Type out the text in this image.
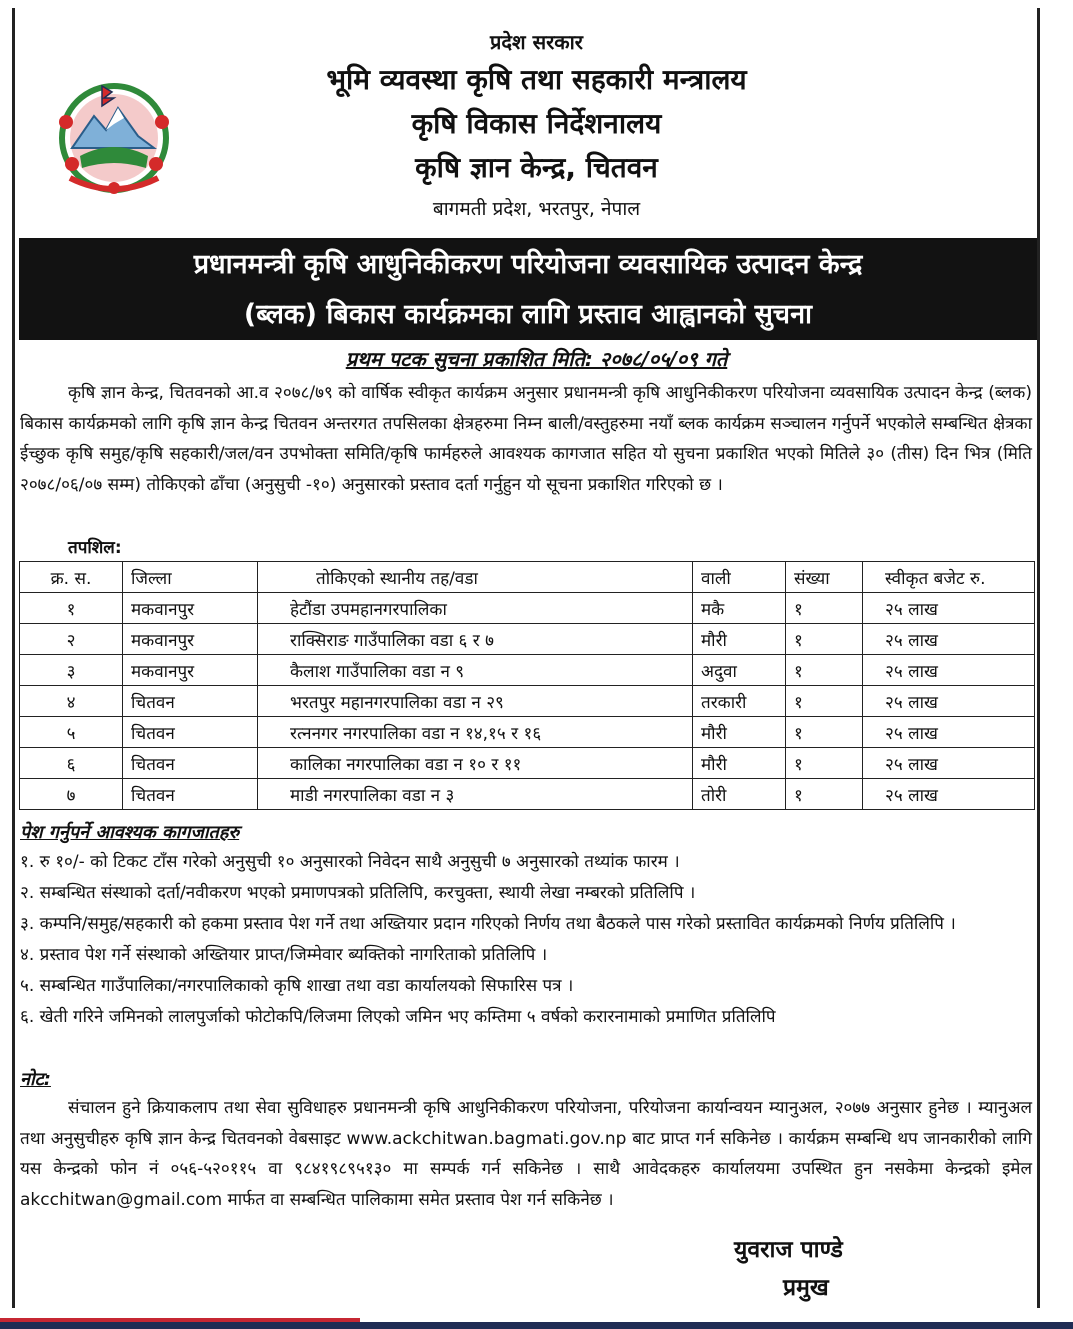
प्रदेश सरकार
भूमि व्यवस्था कृषि तथा सहकारी मन्त्रालय
कृषि विकास निर्देशनालय
कृषि ज्ञान केन्द्र, चितवन
बागमती प्रदेश, भरतपुर, नेपाल
प्रधानमन्त्री कृषि आधुनिकीकरण परियोजना व्यवसायिक उत्पादन केन्द्र
(ब्लक) बिकास कार्यक्रमका लागि प्रस्ताव आह्वानको सुचना
प्रथम पटक सुचना प्रकाशित मिति: २०७८/०५/०९ गते
कृषि ज्ञान केन्द्र, चितवनको आ.व २०७८/७९ को वार्षिक स्वीकृत कार्यक्रम अनुसार प्रधानमन्त्री कृषि आधुनिकीकरण परियोजना व्यवसायिक उत्पादन केन्द्र (ब्लक) बिकास कार्यक्रमको लागि कृषि ज्ञान केन्द्र चितवन अन्तरगत तपसिलका क्षेत्रहरुमा निम्न बाली/वस्तुहरुमा नयाँ ब्लक कार्यक्रम सञ्चालन गर्नुपर्ने भएकोले सम्बन्धित क्षेत्रका ईच्छुक कृषि समुह/कृषि सहकारी/जल/वन उपभोक्ता समिति/कृषि फार्महरुले आवश्यक कागजात सहित यो सुचना प्रकाशित भएको मितिले ३० (तीस) दिन भित्र (मिति २०७८/०६/०७ सम्म) तोकिएको ढाँचा (अनुसुची -१०) अनुसारको प्रस्ताव दर्ता गर्नुहुन यो सूचना प्रकाशित गरिएको छ ।
तपशिल:
क्र. स.	जिल्ला	तोकिएको स्थानीय तह/वडा	वाली	संख्या	स्वीकृत बजेट रु.
१	मकवानपुर	हेटौंडा उपमहानगरपालिका	मकै	१	२५ लाख
२	मकवानपुर	राक्सिराङ गाउँपालिका वडा ६ र ७	मौरी	१	२५ लाख
३	मकवानपुर	कैलाश गाउँपालिका वडा न ९	अदुवा	१	२५ लाख
४	चितवन	भरतपुर महानगरपालिका वडा न २९	तरकारी	१	२५ लाख
५	चितवन	रत्ननगर नगरपालिका वडा न १४,१५ र १६	मौरी	१	२५ लाख
६	चितवन	कालिका नगरपालिका वडा न १० र ११	मौरी	१	२५ लाख
७	चितवन	माडी नगरपालिका वडा न ३	तोरी	१	२५ लाख
पेश गर्नुपर्ने आवश्यक कागजातहरु
१. रु १०/- को टिकट टाँस गरेको अनुसुची १० अनुसारको निवेदन साथै अनुसुची ७ अनुसारको तथ्यांक फारम ।
२. सम्बन्धित संस्थाको दर्ता/नवीकरण भएको प्रमाणपत्रको प्रतिलिपि, करचुक्ता, स्थायी लेखा नम्बरको प्रतिलिपि ।
३. कम्पनि/समुह/सहकारी को हकमा प्रस्ताव पेश गर्ने तथा अख्तियार प्रदान गरिएको निर्णय तथा बैठकले पास गरेको प्रस्तावित कार्यक्रमको निर्णय प्रतिलिपि ।
४. प्रस्ताव पेश गर्ने संस्थाको अख्तियार प्राप्त/जिम्मेवार ब्यक्तिको नागरिताको प्रतिलिपि ।
५. सम्बन्धित गाउँपालिका/नगरपालिकाको कृषि शाखा तथा वडा कार्यालयको सिफारिस पत्र ।
६. खेती गरिने जमिनको लालपुर्जाको फोटोकपि/लिजमा लिएको जमिन भए कम्तिमा ५ वर्षको करारनामाको प्रमाणित प्रतिलिपि
नोट:
संचालन हुने क्रियाकलाप तथा सेवा सुविधाहरु प्रधानमन्त्री कृषि आधुनिकीकरण परियोजना, परियोजना कार्यान्वयन म्यानुअल, २०७७ अनुसार हुनेछ । म्यानुअल तथा अनुसुचीहरु कृषि ज्ञान केन्द्र चितवनको वेबसाइट www.ackchitwan.bagmati.gov.np बाट प्राप्त गर्न सकिनेछ । कार्यक्रम सम्बन्धि थप जानकारीको लागि यस केन्द्रको फोन नं ०५६-५२०११५ वा ९८४१९८९५१३० मा सम्पर्क गर्न सकिनेछ । साथै आवेदकहरु कार्यालयमा उपस्थित हुन नसकेमा केन्द्रको इमेल akcchitwan@gmail.com मार्फत वा सम्बन्धित पालिकामा समेत प्रस्ताव पेश गर्न सकिनेछ ।
युवराज पाण्डे
प्रमुख
